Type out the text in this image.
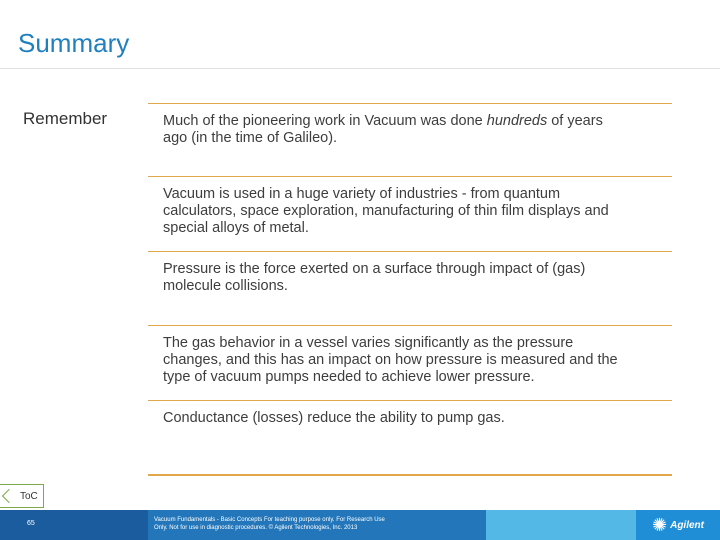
Summary
Remember	Much of the pioneering work in Vacuum was done hundreds of years
ago (in the time of Galileo).

Vacuum is used in a huge variety of industries - from quantum
calculators, space exploration, manufacturing of thin film displays and
special alloys of metal.

Pressure is the force exerted on a surface through impact of (gas)
molecule collisions.

The gas behavior in a vessel varies significantly as the pressure
changes, and this has an impact on how pressure is measured and the
type of vacuum pumps needed to achieve lower pressure.

Conductance (losses) reduce the ability to pump gas.

ToC
65	Vacuum Fundamentals - Basic Concepts For teaching purpose only. For Research Use
Only. Not for use in diagnostic procedures. © Agilent Technologies, Inc. 2013	✺ Agilent
